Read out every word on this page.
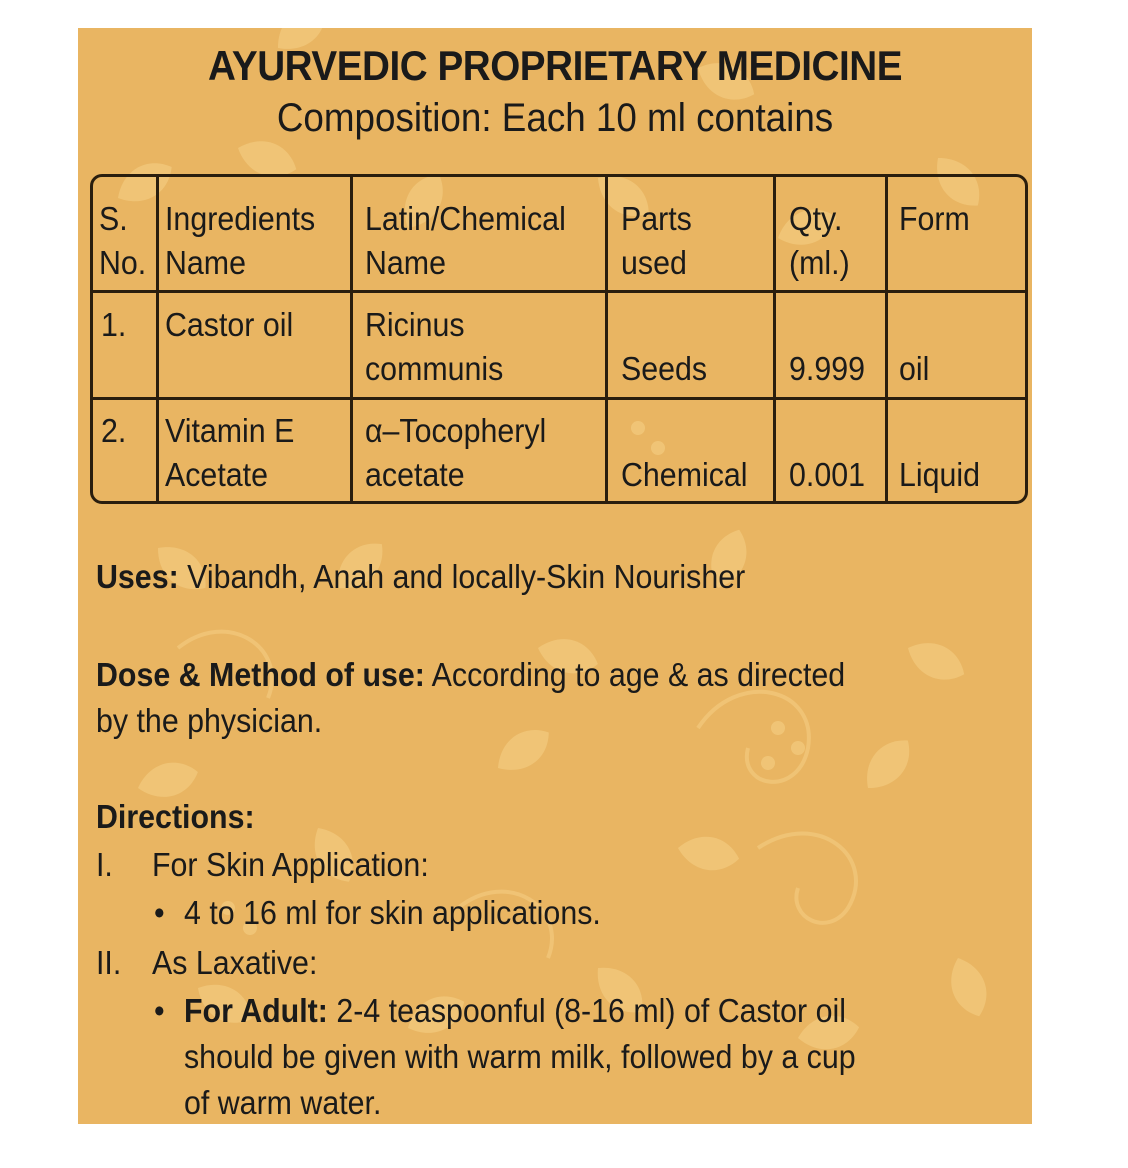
AYURVEDIC PROPRIETARY MEDICINE
Composition: Each 10 ml contains
S.
No.
Ingredients
Name
Latin/Chemical
Name
Parts
used
Qty.
(ml.)
Form
1. Castor oil Ricinus
communis	Seeds 9.999 oil
2. Vitamin E
Acetate
α–Tocopheryl
acetate	Chemical 0.001 Liquid
Uses: Vibandh, Anah and locally-Skin Nourisher
Dose & Method of use: According to age & as directed
by the physician.
Directions:
I. For Skin Application:
• 4 to 16 ml for skin applications.
II. As Laxative:
• For Adult: 2-4 teaspoonful (8-16 ml) of Castor oil
should be given with warm milk, followed by a cup
of warm water.
